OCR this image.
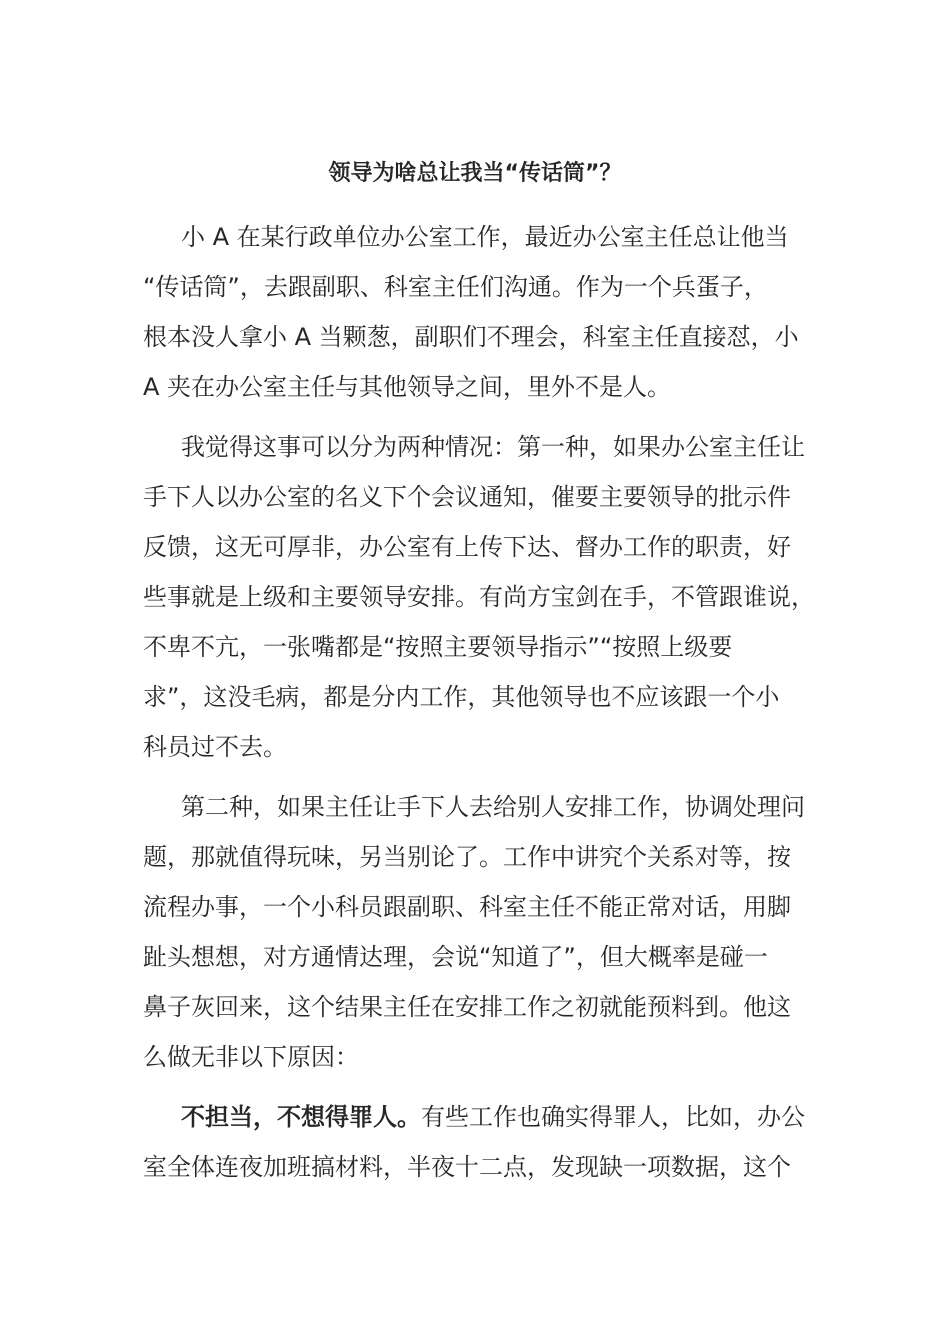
领导为啥总让我当“传话筒”？
小 A 在某行政单位办公室工作，最近办公室主任总让他当
“传话筒”，去跟副职、科室主任们沟通。作为一个兵蛋子，
根本没人拿小 A 当颗葱，副职们不理会，科室主任直接怼，小
A 夹在办公室主任与其他领导之间，里外不是人。
我觉得这事可以分为两种情况：第一种，如果办公室主任让
手下人以办公室的名义下个会议通知，催要主要领导的批示件
反馈，这无可厚非，办公室有上传下达、督办工作的职责，好
些事就是上级和主要领导安排。有尚方宝剑在手，不管跟谁说，
不卑不亢，一张嘴都是“按照主要领导指示”“按照上级要
求”，这没毛病，都是分内工作，其他领导也不应该跟一个小
科员过不去。
第二种，如果主任让手下人去给别人安排工作，协调处理问
题，那就值得玩味，另当别论了。工作中讲究个关系对等，按
流程办事，一个小科员跟副职、科室主任不能正常对话，用脚
趾头想想，对方通情达理，会说“知道了”，但大概率是碰一
鼻子灰回来，这个结果主任在安排工作之初就能预料到。他这
么做无非以下原因：
不担当，不想得罪人。有些工作也确实得罪人，比如，办公
室全体连夜加班搞材料，半夜十二点，发现缺一项数据，这个
